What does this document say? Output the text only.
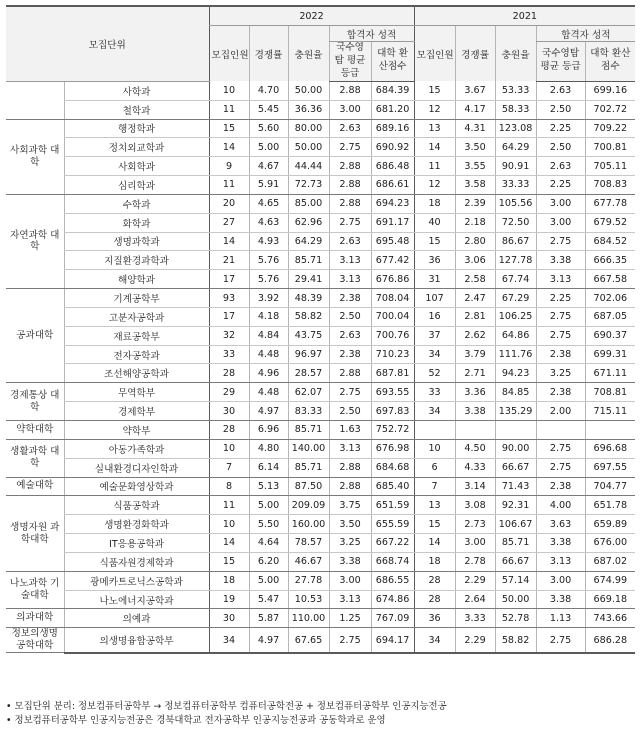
모집단위		2022					2021				
		모집인원	경쟁률	충원율	합격자 성적		모집인원	경쟁률	충원율	합격자 성적	
					국수영탐 평균 등급	대학 환산점수				국수영탐 평균 등급	대학 환산점수
	사학과	10	4.70	50.00	2.88	684.39	15	3.67	53.33	2.63	699.16
	철학과	11	5.45	36.36	3.00	681.20	12	4.17	58.33	2.50	702.72
사회과학 대학	행정학과	15	5.60	80.00	2.63	689.16	13	4.31	123.08	2.25	709.22
	정치외교학과	14	5.00	50.00	2.75	690.92	14	3.50	64.29	2.50	700.81
	사회학과	9	4.67	44.44	2.88	686.48	11	3.55	90.91	2.63	705.11
	심리학과	11	5.91	72.73	2.88	686.61	12	3.58	33.33	2.25	708.83
자연과학 대학	수학과	20	4.65	85.00	2.88	694.23	18	2.39	105.56	3.00	677.78
	화학과	27	4.63	62.96	2.75	691.17	40	2.18	72.50	3.00	679.52
	생명과학과	14	4.93	64.29	2.63	695.48	15	2.80	86.67	2.75	684.52
	지질환경과학과	21	5.76	85.71	3.13	677.42	36	3.06	127.78	3.38	666.35
	해양학과	17	5.76	29.41	3.13	676.86	31	2.58	67.74	3.13	667.58
공과대학	기계공학부	93	3.92	48.39	2.38	708.04	107	2.47	67.29	2.25	702.06
	고분자공학과	17	4.18	58.82	2.50	700.04	16	2.81	106.25	2.75	687.05
	재료공학부	32	4.84	43.75	2.63	700.76	37	2.62	64.86	2.75	690.37
	전자공학과	33	4.48	96.97	2.38	710.23	34	3.79	111.76	2.38	699.31
	조선해양공학과	28	4.96	28.57	2.88	687.81	52	2.71	94.23	3.25	671.11
경제통상 대학	무역학부	29	4.48	62.07	2.75	693.55	33	3.36	84.85	2.38	708.81
	경제학부	30	4.97	83.33	2.50	697.83	34	3.38	135.29	2.00	715.11
약학대학	약학부	28	6.96	85.71	1.63	752.72					
생활과학 대학	아동가족학과	10	4.80	140.00	3.13	676.98	10	4.50	90.00	2.75	696.68
	실내환경디자인학과	7	6.14	85.71	2.88	684.68	6	4.33	66.67	2.75	697.55
예술대학	예술문화영상학과	8	5.13	87.50	2.88	685.40	7	3.14	71.43	2.38	704.77
생명자원 과학대학	식품공학과	11	5.00	209.09	3.75	651.59	13	3.08	92.31	4.00	651.78
	생명환경화학과	10	5.50	160.00	3.50	655.59	15	2.73	106.67	3.63	659.89
	IT응용공학과	14	4.64	78.57	3.25	667.22	14	3.00	85.71	3.38	676.00
	식품자원경제학과	15	6.20	46.67	3.38	668.74	18	2.78	66.67	3.13	687.02
나노과학 기술대학	광메카트로닉스공학과	18	5.00	27.78	3.00	686.55	28	2.29	57.14	3.00	674.99
	나노에너지공학과	19	5.47	10.53	3.13	674.86	28	2.64	50.00	3.38	669.18
의과대학	의예과	30	5.87	110.00	1.25	767.09	36	3.33	52.78	1.13	743.66
정보의생명 공학대학	의생명융합공학부	34	4.97	67.65	2.75	694.17	34	2.29	58.82	2.75	686.28
• 모집단위 분리: 정보컴퓨터공학부 → 정보컴퓨터공학부 컴퓨터공학전공 + 정보컴퓨터공학부 인공지능전공
• 정보컴퓨터공학부 인공지능전공은 경북대학교 전자공학부 인공지능전공과 공동학과로 운영
